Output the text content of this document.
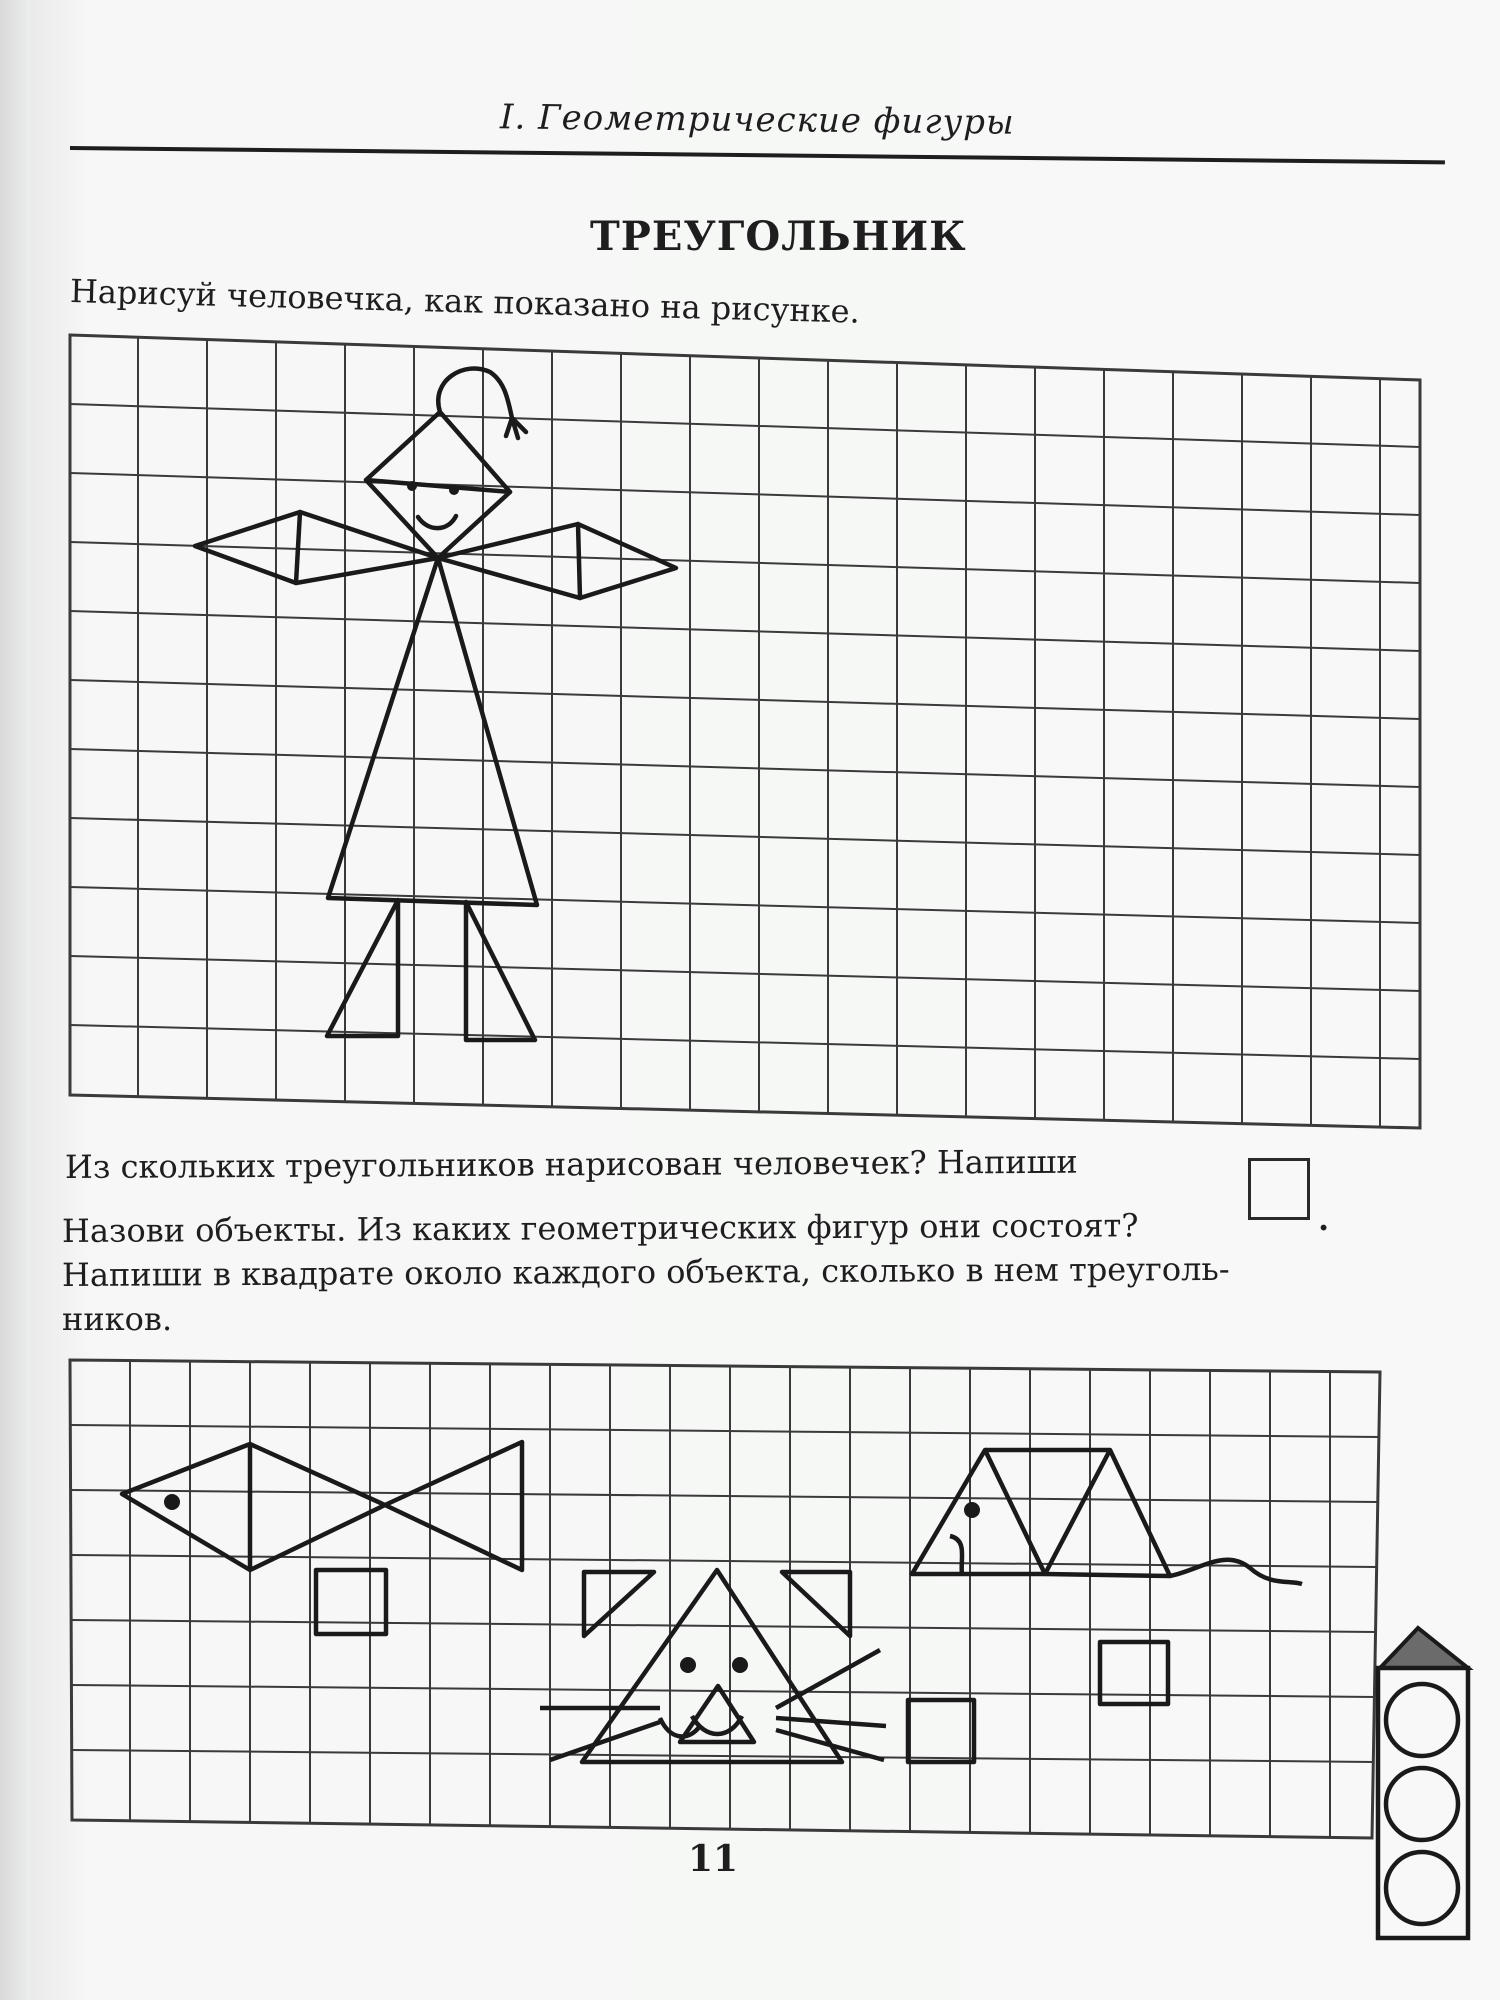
I. Геометрические фигуры
ТРЕУГОЛЬНИК
Нарисуй человечка, как показано на рисунке.
Из скольких треугольников нарисован человечек? Напиши
.
Назови объекты. Из каких геометрических фигур они состоят?
Напиши в квадрате около каждого объекта, сколько в нем треуголь-
ников.
11
